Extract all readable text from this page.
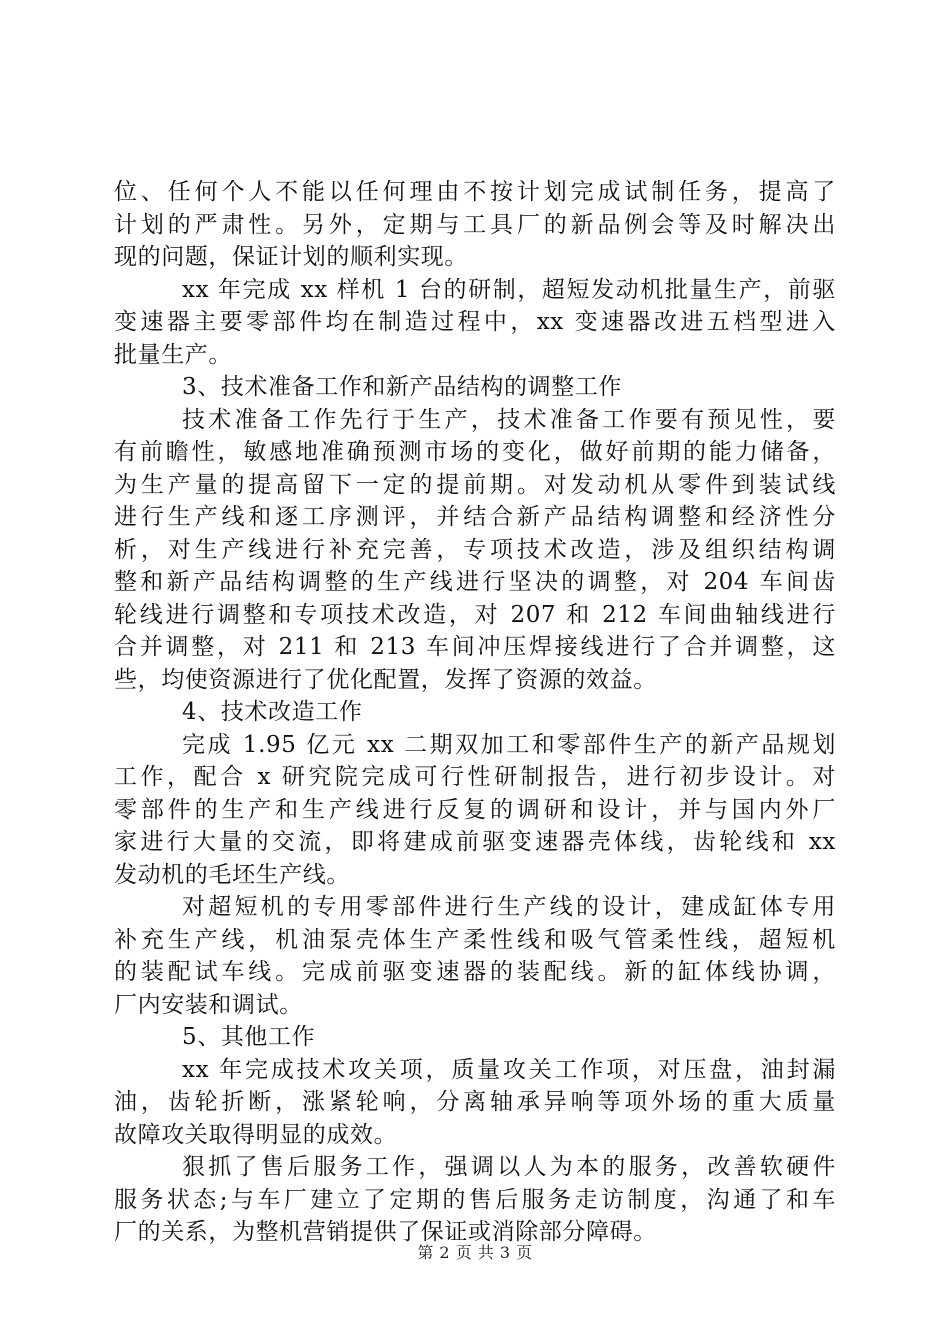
位、任何个人不能以任何理由不按计划完成试制任务，提高了
计划的严肃性。另外，定期与工具厂的新品例会等及时解决出
现的问题，保证计划的顺利实现。
xx 年完成 xx 样机 1 台的研制，超短发动机批量生产，前驱
变速器主要零部件均在制造过程中，xx 变速器改进五档型进入
批量生产。
3、技术准备工作和新产品结构的调整工作
技术准备工作先行于生产，技术准备工作要有预见性，要
有前瞻性，敏感地准确预测市场的变化，做好前期的能力储备，
为生产量的提高留下一定的提前期。对发动机从零件到装试线
进行生产线和逐工序测评，并结合新产品结构调整和经济性分
析，对生产线进行补充完善，专项技术改造，涉及组织结构调
整和新产品结构调整的生产线进行坚决的调整，对 204 车间齿
轮线进行调整和专项技术改造，对 207 和 212 车间曲轴线进行
合并调整，对 211 和 213 车间冲压焊接线进行了合并调整，这
些，均使资源进行了优化配置，发挥了资源的效益。
4、技术改造工作
完成 1.95 亿元 xx 二期双加工和零部件生产的新产品规划
工作，配合 x 研究院完成可行性研制报告，进行初步设计。对
零部件的生产和生产线进行反复的调研和设计，并与国内外厂
家进行大量的交流，即将建成前驱变速器壳体线，齿轮线和 xx
发动机的毛坯生产线。
对超短机的专用零部件进行生产线的设计，建成缸体专用
补充生产线，机油泵壳体生产柔性线和吸气管柔性线，超短机
的装配试车线。完成前驱变速器的装配线。新的缸体线协调，
厂内安装和调试。
5、其他工作
xx 年完成技术攻关项，质量攻关工作项，对压盘，油封漏
油，齿轮折断，涨紧轮响，分离轴承异响等项外场的重大质量
故障攻关取得明显的成效。
狠抓了售后服务工作，强调以人为本的服务，改善软硬件
服务状态;与车厂建立了定期的售后服务走访制度，沟通了和车
厂的关系，为整机营销提供了保证或消除部分障碍。
第 2 页 共 3 页
